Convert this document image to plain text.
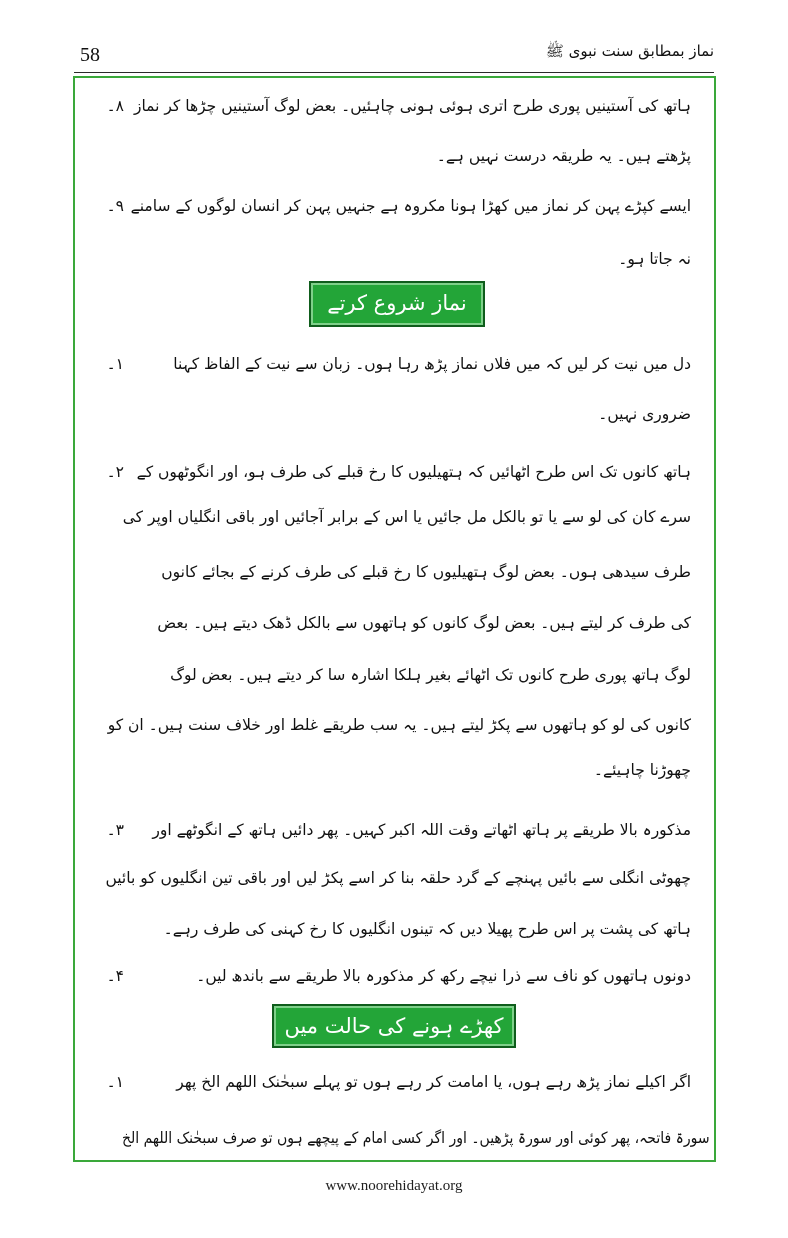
58	نماز بمطابق سنت نبوی ﷺ
۸۔ ہاتھ کی آستینیں پوری طرح اتری ہوئی ہونی چاہئیں۔ بعض لوگ آستینیں چڑھا کر نماز
پڑھتے ہیں۔ یہ طریقہ درست نہیں ہے۔
۹۔ ایسے کپڑے پہن کر نماز میں کھڑا ہونا مکروہ ہے جنہیں پہن کر انسان لوگوں کے سامنے
نہ جاتا ہو۔
نماز شروع کرتے وقت
۱۔	دل میں نیت کر لیں کہ میں فلاں نماز پڑھ رہا ہوں۔ زبان سے نیت کے الفاظ کہنا
ضروری نہیں۔
۲۔ ہاتھ کانوں تک اس طرح اٹھائیں کہ ہتھیلیوں کا رخ قبلے کی طرف ہو، اور انگوٹھوں کے
سرے کان کی لو سے یا تو بالکل مل جائیں یا اس کے برابر آجائیں اور باقی انگلیاں اوپر کی
طرف سیدھی ہوں۔ بعض لوگ ہتھیلیوں کا رخ قبلے کی طرف کرنے کے بجائے کانوں
کی طرف کر لیتے ہیں۔ بعض لوگ کانوں کو ہاتھوں سے بالکل ڈھک دیتے ہیں۔ بعض
لوگ ہاتھ پوری طرح کانوں تک اٹھائے بغیر ہلکا اشارہ سا کر دیتے ہیں۔ بعض لوگ
کانوں کی لو کو ہاتھوں سے پکڑ لیتے ہیں۔ یہ سب طریقے غلط اور خلاف سنت ہیں۔ ان کو
چھوڑنا چاہیئے۔
۳۔ مذکورہ بالا طریقے پر ہاتھ اٹھاتے وقت اللہ اکبر کہیں۔ پھر دائیں ہاتھ کے انگوٹھے اور
چھوٹی انگلی سے بائیں پہنچے کے گرد حلقہ بنا کر اسے پکڑ لیں اور باقی تین انگلیوں کو بائیں
ہاتھ کی پشت پر اس طرح پھیلا دیں کہ تینوں انگلیوں کا رخ کہنی کی طرف رہے۔
۴۔	دونوں ہاتھوں کو ناف سے ذرا نیچے رکھ کر مذکورہ بالا طریقے سے باندھ لیں۔
کھڑے ہونے کی حالت میں
۱۔	اگر اکیلے نماز پڑھ رہے ہوں، یا امامت کر رہے ہوں تو پہلے سبحٰنک اللھم الخ پھر
سورۃ فاتحہ، پھر کوئی اور سورۃ پڑھیں۔ اور اگر کسی امام کے پیچھے ہوں تو صرف سبحٰنک اللھم الخ
www.noorehidayat.org
